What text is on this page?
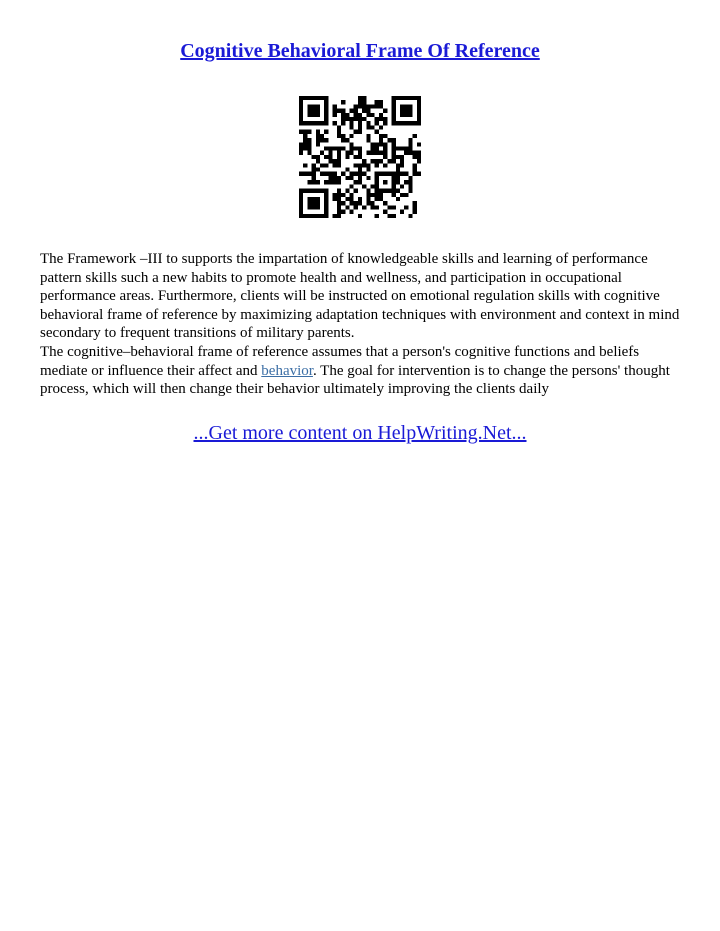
Cognitive Behavioral Frame Of Reference

The Framework –III to supports the impartation of knowledgeable skills and learning of performance pattern skills such a new habits to promote health and wellness, and participation in occupational performance areas. Furthermore, clients will be instructed on emotional regulation skills with cognitive behavioral frame of reference by maximizing adaptation techniques with environment and context in mind secondary to frequent transitions of military parents.

The cognitive–behavioral frame of reference assumes that a person's cognitive functions and beliefs mediate or influence their affect and behavior. The goal for intervention is to change the persons' thought process, which will then change their behavior ultimately improving the clients daily

...Get more content on HelpWriting.Net...
